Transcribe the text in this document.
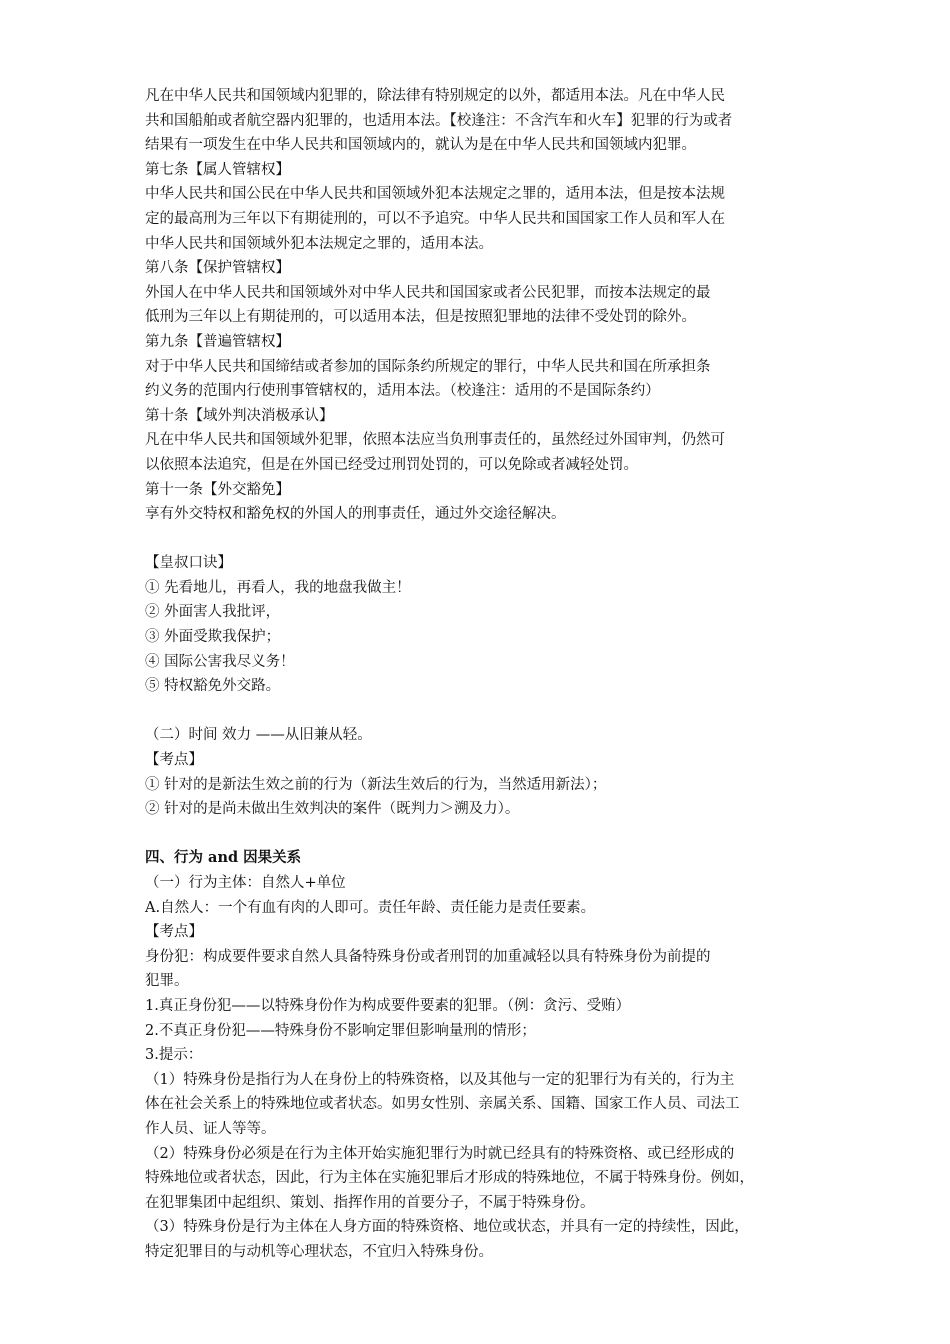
凡在中华人民共和国领域内犯罪的，除法律有特别规定的以外，都适用本法。凡在中华人民
共和国船舶或者航空器内犯罪的，也适用本法。【校逢注：不含汽车和火车】犯罪的行为或者
结果有一项发生在中华人民共和国领域内的，就认为是在中华人民共和国领域内犯罪。
第七条【属人管辖权】
中华人民共和国公民在中华人民共和国领域外犯本法规定之罪的，适用本法，但是按本法规
定的最高刑为三年以下有期徒刑的，可以不予追究。中华人民共和国国家工作人员和军人在
中华人民共和国领域外犯本法规定之罪的，适用本法。
第八条【保护管辖权】
外国人在中华人民共和国领域外对中华人民共和国国家或者公民犯罪，而按本法规定的最
低刑为三年以上有期徒刑的，可以适用本法，但是按照犯罪地的法律不受处罚的除外。
第九条【普遍管辖权】
对于中华人民共和国缔结或者参加的国际条约所规定的罪行，中华人民共和国在所承担条
约义务的范围内行使刑事管辖权的，适用本法。（校逢注：适用的不是国际条约）
第十条【域外判决消极承认】
凡在中华人民共和国领域外犯罪，依照本法应当负刑事责任的，虽然经过外国审判，仍然可
以依照本法追究，但是在外国已经受过刑罚处罚的，可以免除或者减轻处罚。
第十一条【外交豁免】
享有外交特权和豁免权的外国人的刑事责任，通过外交途径解决。
【皇叔口诀】
① 先看地儿，再看人，我的地盘我做主！
② 外面害人我批评，
③ 外面受欺我保护；
④ 国际公害我尽义务！
⑤ 特权豁免外交路。
（二）时间 效力 ——从旧兼从轻。
【考点】
① 针对的是新法生效之前的行为（新法生效后的行为，当然适用新法）；
② 针对的是尚未做出生效判决的案件（既判力＞溯及力）。
四、行为 and 因果关系
（一）行为主体：自然人+单位
A.自然人：一个有血有肉的人即可。责任年龄、责任能力是责任要素。
【考点】
身份犯：构成要件要求自然人具备特殊身份或者刑罚的加重减轻以具有特殊身份为前提的
犯罪。
1.真正身份犯——以特殊身份作为构成要件要素的犯罪。（例：贪污、受贿）
2.不真正身份犯——特殊身份不影响定罪但影响量刑的情形；
3.提示：
（1）特殊身份是指行为人在身份上的特殊资格，以及其他与一定的犯罪行为有关的，行为主
体在社会关系上的特殊地位或者状态。如男女性别、亲属关系、国籍、国家工作人员、司法工
作人员、证人等等。
（2）特殊身份必须是在行为主体开始实施犯罪行为时就已经具有的特殊资格、或已经形成的
特殊地位或者状态，因此，行为主体在实施犯罪后才形成的特殊地位，不属于特殊身份。例如，
在犯罪集团中起组织、策划、指挥作用的首要分子，不属于特殊身份。
（3）特殊身份是行为主体在人身方面的特殊资格、地位或状态，并具有一定的持续性，因此，
特定犯罪目的与动机等心理状态，不宜归入特殊身份。
